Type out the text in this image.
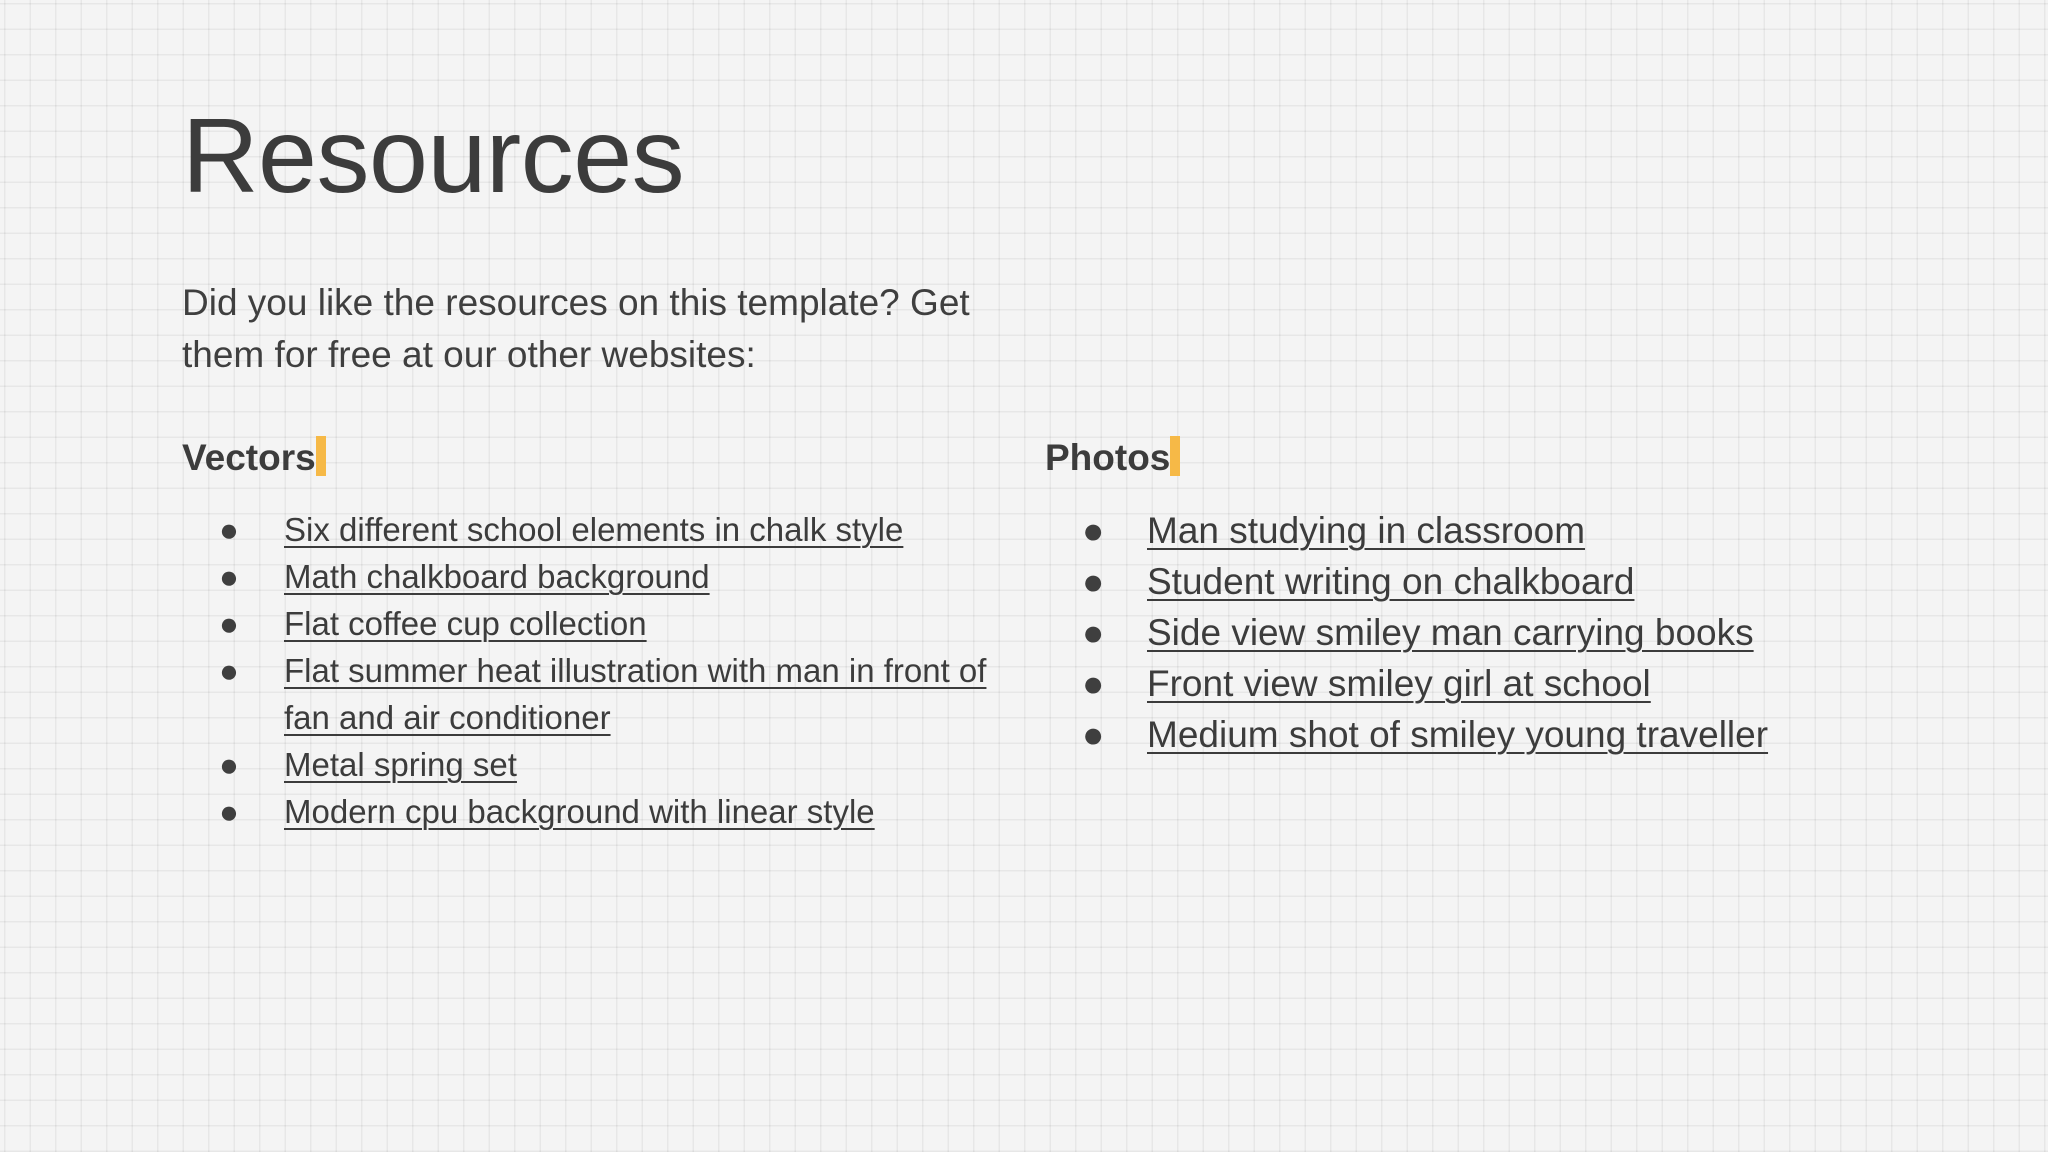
Resources

Did you like the resources on this template? Get them for free at our other websites:

Vectors
● Six different school elements in chalk style
● Math chalkboard background
● Flat coffee cup collection
● Flat summer heat illustration with man in front of fan and air conditioner
● Metal spring set
● Modern cpu background with linear style
Photos
● Man studying in classroom
● Student writing on chalkboard
● Side view smiley man carrying books
● Front view smiley girl at school
● Medium shot of smiley young traveller
